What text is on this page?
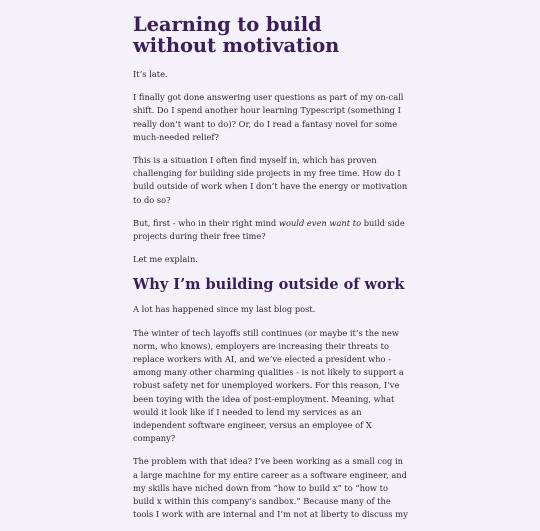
Learning to build without motivation

It’s late.

I finally got done answering user questions as part of my on-call shift. Do I spend another hour learning Typescript (something I really don’t want to do)? Or, do I read a fantasy novel for some much-needed relief?

This is a situation I often find myself in, which has proven challenging for building side projects in my free time. How do I build outside of work when I don’t have the energy or motivation to do so?

But, first - who in their right mind would even want to build side projects during their free time?

Let me explain.

Why I’m building outside of work

A lot has happened since my last blog post.

The winter of tech layoffs still continues (or maybe it’s the new norm, who knows), employers are increasing their threats to replace workers with AI, and we’ve elected a president who - among many other charming qualities - is not likely to support a robust safety net for unemployed workers. For this reason, I’ve been toying with the idea of post-employment. Meaning, what would it look like if I needed to lend my services as an independent software engineer, versus an employee of X company?

The problem with that idea? I’ve been working as a small cog in a large machine for my entire career as a software engineer, and my skills have niched down from “how to build x” to “how to build x within this company’s sandbox.” Because many of the tools I work with are internal and I’m not at liberty to discuss my
